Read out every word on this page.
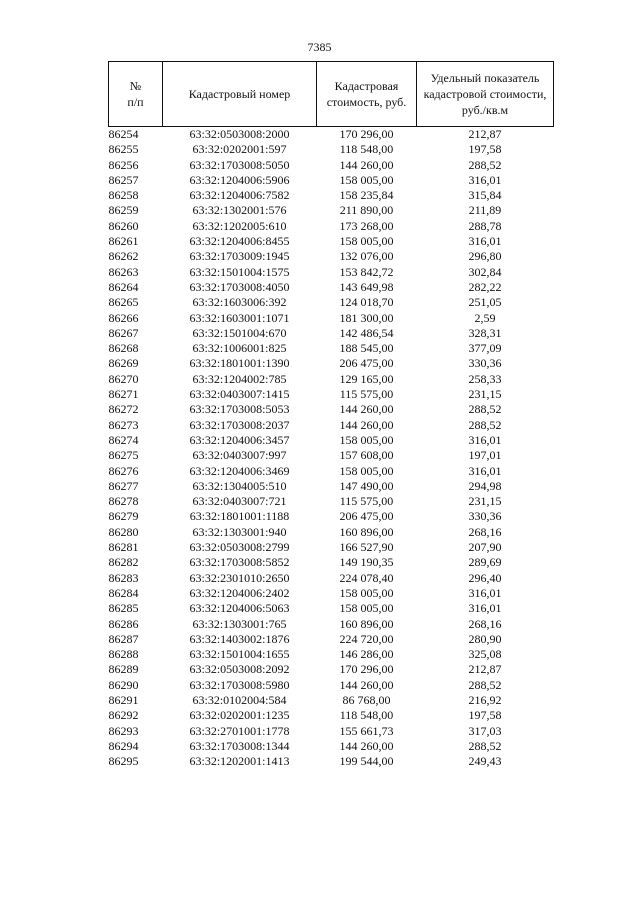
7385
№
п/п	Кадастровый номер	Кадастровая стоимость, руб.	Удельный показатель кадастровой стоимости, руб./кв.м
86254	63:32:0503008:2000	170 296,00	212,87
86255	63:32:0202001:597	118 548,00	197,58
86256	63:32:1703008:5050	144 260,00	288,52
86257	63:32:1204006:5906	158 005,00	316,01
86258	63:32:1204006:7582	158 235,84	315,84
86259	63:32:1302001:576	211 890,00	211,89
86260	63:32:1202005:610	173 268,00	288,78
86261	63:32:1204006:8455	158 005,00	316,01
86262	63:32:1703009:1945	132 076,00	296,80
86263	63:32:1501004:1575	153 842,72	302,84
86264	63:32:1703008:4050	143 649,98	282,22
86265	63:32:1603006:392	124 018,70	251,05
86266	63:32:1603001:1071	181 300,00	2,59
86267	63:32:1501004:670	142 486,54	328,31
86268	63:32:1006001:825	188 545,00	377,09
86269	63:32:1801001:1390	206 475,00	330,36
86270	63:32:1204002:785	129 165,00	258,33
86271	63:32:0403007:1415	115 575,00	231,15
86272	63:32:1703008:5053	144 260,00	288,52
86273	63:32:1703008:2037	144 260,00	288,52
86274	63:32:1204006:3457	158 005,00	316,01
86275	63:32:0403007:997	157 608,00	197,01
86276	63:32:1204006:3469	158 005,00	316,01
86277	63:32:1304005:510	147 490,00	294,98
86278	63:32:0403007:721	115 575,00	231,15
86279	63:32:1801001:1188	206 475,00	330,36
86280	63:32:1303001:940	160 896,00	268,16
86281	63:32:0503008:2799	166 527,90	207,90
86282	63:32:1703008:5852	149 190,35	289,69
86283	63:32:2301010:2650	224 078,40	296,40
86284	63:32:1204006:2402	158 005,00	316,01
86285	63:32:1204006:5063	158 005,00	316,01
86286	63:32:1303001:765	160 896,00	268,16
86287	63:32:1403002:1876	224 720,00	280,90
86288	63:32:1501004:1655	146 286,00	325,08
86289	63:32:0503008:2092	170 296,00	212,87
86290	63:32:1703008:5980	144 260,00	288,52
86291	63:32:0102004:584	86 768,00	216,92
86292	63:32:0202001:1235	118 548,00	197,58
86293	63:32:2701001:1778	155 661,73	317,03
86294	63:32:1703008:1344	144 260,00	288,52
86295	63:32:1202001:1413	199 544,00	249,43
